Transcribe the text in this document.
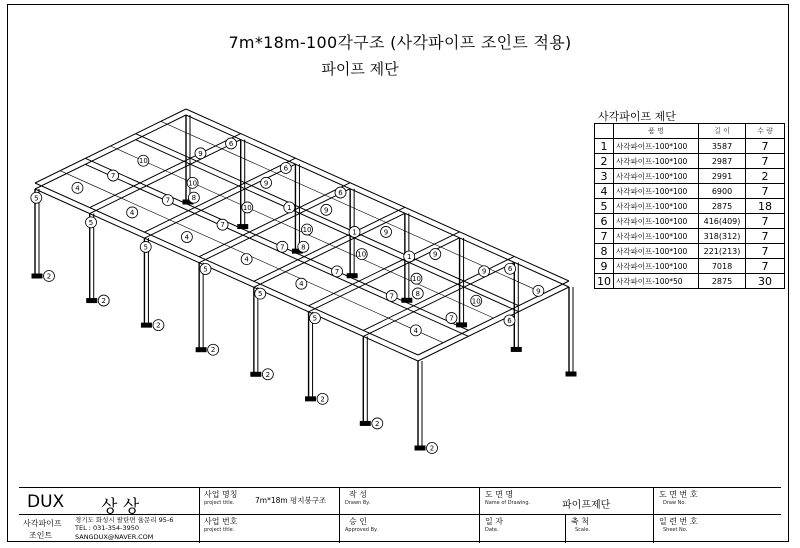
7m*18m-100각구조 (사각파이프 조인트 적용)
파이프 제단
9
9
9
9
9
9
9
10
10
10
10
10
10
10
7
7
7
7
7
7
7
4
4
4
4
4
4
5
5
5
5
5
5
8
8
8
1
1
1
6
6
6
6
6
2
2
2
2
2
2
2
2
사각파이프 제단
	품 명	길 이	수 량
1	사각파이프-100*100	3587	7
2	사각파이프-100*100	2987	7
3	사각파이프-100*100	2991	2
4	사각파이프-100*100	6900	7
5	사각파이프-100*100	2875	18
6	사각파이프-100*100	416(409)	7
7	사각파이프-100*100	318(312)	7
8	사각파이프-100*100	221(213)	7
9	사각파이프-100*100	7018	7
10	사각파이프-100*50	2875	30
DUX 상 상
사각파이프
조인트
경기도 화성시 팔탄면 율문리 95-6
TEL : 031-354-3950
SANGDUX@NAVER.COM
사업 명칭
project title.	7m*18m 평지붕구조
사업 번호
project title.
작 성
Drawn By.
승 인
Approved By.
도 면 명
Name of Drawing.	파이프제단
일 자
Date.
축 척
Scale.
도 면 번 호
Draw No.
일 련 번 호
Sheet No.
